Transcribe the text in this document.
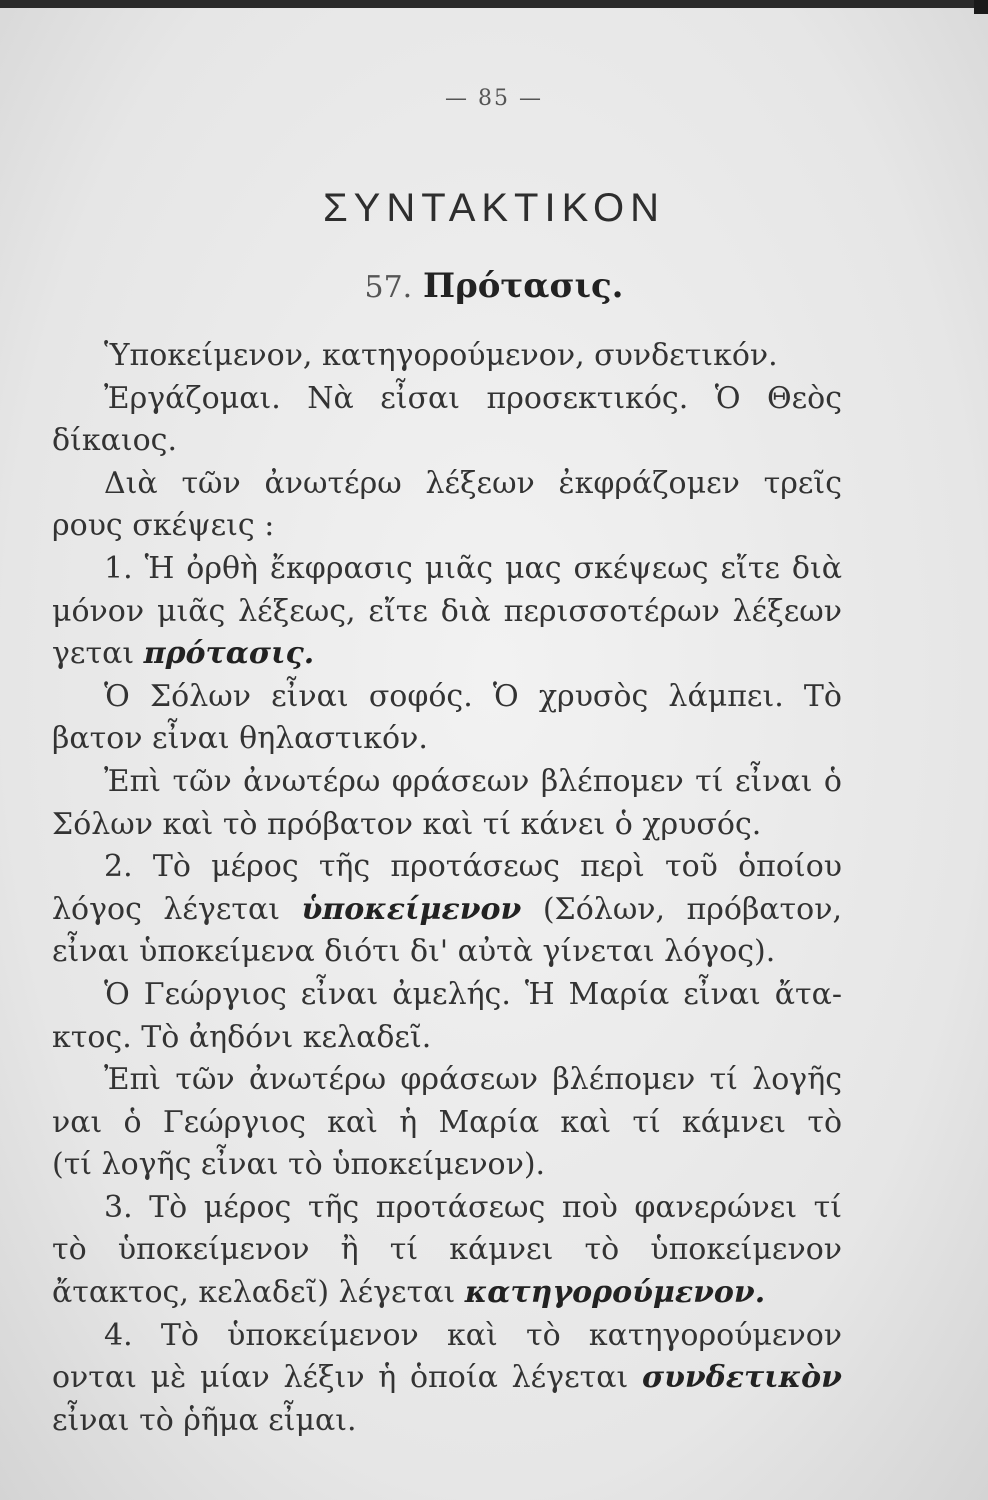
— 85 —
ΣΥΝΤΑΚΤΙΚΟΝ
57. Πρότασις.
Ὑποκείμενον, κατηγορούμενον, συνδετικόν.
Ἐργάζομαι. Νὰ εἶσαι προσεκτικός. Ὁ Θεὸς
δίκαιος.
Διὰ τῶν ἀνωτέρω λέξεων ἐκφράζομεν τρεῖς
ρους σκέψεις :
1. Ἡ ὀρθὴ ἔκφρασις μιᾶς μας σκέψεως εἴτε διὰ
μόνον μιᾶς λέξεως, εἴτε διὰ περισσοτέρων λέξεων
γεται πρότασις.
Ὁ Σόλων εἶναι σοφός. Ὁ χρυσὸς λάμπει. Τὸ
βατον εἶναι θηλαστικόν.
Ἐπὶ τῶν ἀνωτέρω φράσεων βλέπομεν τί εἶναι ὁ
Σόλων καὶ τὸ πρόβατον καὶ τί κάνει ὁ χρυσός.
2. Τὸ μέρος τῆς προτάσεως περὶ τοῦ ὁποίου
λόγος λέγεται ὑποκείμενον (Σόλων, πρόβατον,
εἶναι ὑποκείμενα διότι δι' αὐτὰ γίνεται λόγος).
Ὁ Γεώργιος εἶναι ἀμελής. Ἡ Μαρία εἶναι ἄτα-
κτος. Τὸ ἀηδόνι κελαδεῖ.
Ἐπὶ τῶν ἀνωτέρω φράσεων βλέπομεν τί λογῆς
ναι ὁ Γεώργιος καὶ ἡ Μαρία καὶ τί κάμνει τὸ
(τί λογῆς εἶναι τὸ ὑποκείμενον).
3. Τὸ μέρος τῆς προτάσεως ποὺ φανερώνει τί
τὸ ὑποκείμενον ἢ τί κάμνει τὸ ὑποκείμενον
ἄτακτος, κελαδεῖ) λέγεται κατηγορούμενον.
4. Τὸ ὑποκείμενον καὶ τὸ κατηγορούμενον
ονται μὲ μίαν λέξιν ἡ ὁποία λέγεται συνδετικὸν
εἶναι τὸ ῥῆμα εἶμαι.
